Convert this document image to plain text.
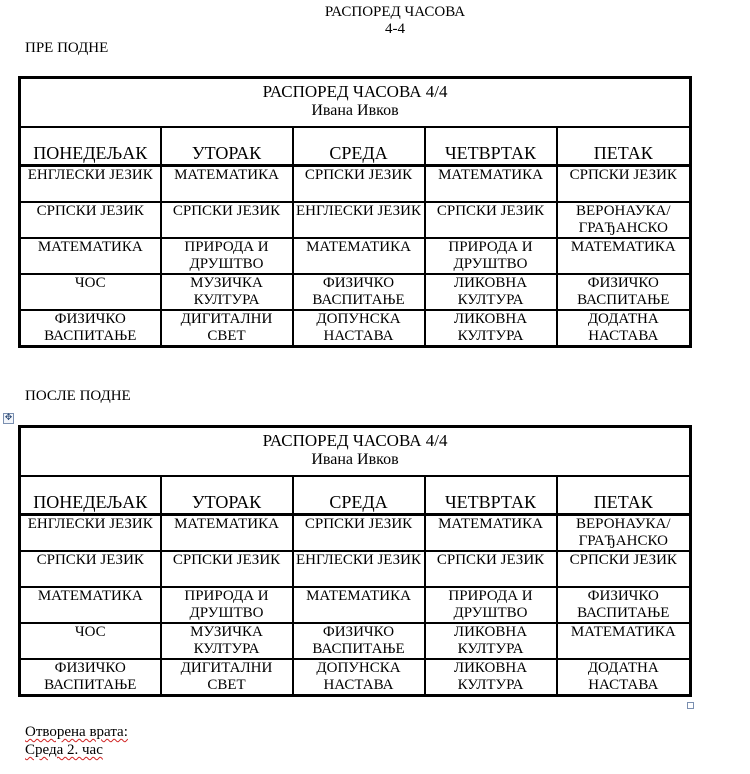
РАСПОРЕД ЧАСОВА
4-4
ПРЕ ПОДНЕ
РАСПОРЕД ЧАСОВА 4/4
Ивана Ивков				

ПОНЕДЕЉАК	УТОРАК	СРЕДА	ЧЕТВРТАК	ПЕТАК
ЕНГЛЕСКИ ЈЕЗИК	МАТЕМАТИКА	СРПСКИ ЈЕЗИК	МАТЕМАТИКА	СРПСКИ ЈЕЗИК
СРПСКИ ЈЕЗИК	СРПСКИ ЈЕЗИК	ЕНГЛЕСКИ ЈЕЗИК	СРПСКИ ЈЕЗИК	ВЕРОНАУКА/ ГРАЂАНСКО
МАТЕМАТИКА	ПРИРОДА И ДРУШТВО	МАТЕМАТИКА	ПРИРОДА И ДРУШТВО	МАТЕМАТИКА
ЧОС	МУЗИЧКА КУЛТУРА	ФИЗИЧКО ВАСПИТАЊЕ	ЛИКОВНА КУЛТУРА	ФИЗИЧКО ВАСПИТАЊЕ
ФИЗИЧКО ВАСПИТАЊЕ	ДИГИТАЛНИ СВЕТ	ДОПУНСКА НАСТАВА	ЛИКОВНА КУЛТУРА	ДОДАТНА НАСТАВА
ПОСЛЕ ПОДНЕ
✥
РАСПОРЕД ЧАСОВА 4/4
Ивана Ивков				

ПОНЕДЕЉАК	УТОРАК	СРЕДА	ЧЕТВРТАК	ПЕТАК
ЕНГЛЕСКИ ЈЕЗИК	МАТЕМАТИКА	СРПСКИ ЈЕЗИК	МАТЕМАТИКА	ВЕРОНАУКА/ ГРАЂАНСКО
СРПСКИ ЈЕЗИК	СРПСКИ ЈЕЗИК	ЕНГЛЕСКИ ЈЕЗИК	СРПСКИ ЈЕЗИК	СРПСКИ ЈЕЗИК
МАТЕМАТИКА	ПРИРОДА И ДРУШТВО	МАТЕМАТИКА	ПРИРОДА И ДРУШТВО	ФИЗИЧКО ВАСПИТАЊЕ
ЧОС	МУЗИЧКА КУЛТУРА	ФИЗИЧКО ВАСПИТАЊЕ	ЛИКОВНА КУЛТУРА	МАТЕМАТИКА
ФИЗИЧКО ВАСПИТАЊЕ	ДИГИТАЛНИ СВЕТ	ДОПУНСКА НАСТАВА	ЛИКОВНА КУЛТУРА	ДОДАТНА НАСТАВА
Отворена врата:
Среда 2. час
